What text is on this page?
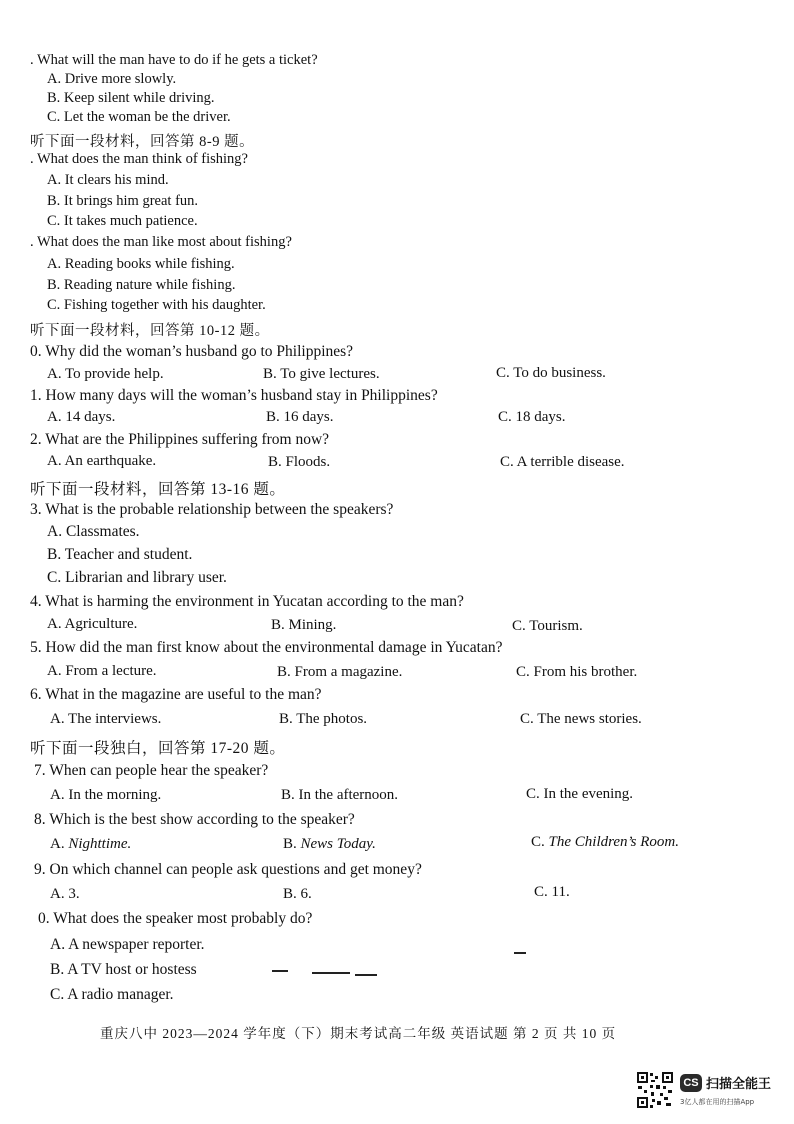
. What will the man have to do if he gets a ticket?
A. Drive more slowly.
B. Keep silent while driving.
C. Let the woman be the driver.
听下面一段材料，回答第 8-9 题。
. What does the man think of fishing?
A. It clears his mind.
B. It brings him great fun.
C. It takes much patience.
. What does the man like most about fishing?
A. Reading books while fishing.
B. Reading nature while fishing.
C. Fishing together with his daughter.
听下面一段材料，回答第 10-12 题。
0. Why did the woman’s husband go to Philippines?
A. To provide help.	B. To give lectures.	C. To do business.
1. How many days will the woman’s husband stay in Philippines?
A. 14 days.	B. 16 days.	C. 18 days.
2. What are the Philippines suffering from now?
A. An earthquake.	B. Floods.	C. A terrible disease.
听下面一段材料，回答第 13-16 题。
3. What is the probable relationship between the speakers?
A. Classmates.
B. Teacher and student.
C. Librarian and library user.
4. What is harming the environment in Yucatan according to the man?
A. Agriculture.	B. Mining.	C. Tourism.
5. How did the man first know about the environmental damage in Yucatan?
A. From a lecture.	B. From a magazine.	C. From his brother.
6. What in the magazine are useful to the man?
A. The interviews.	B. The photos.	C. The news stories.
听下面一段独白，回答第 17-20 题。
7. When can people hear the speaker?
A. In the morning.	B. In the afternoon.	C. In the evening.
8. Which is the best show according to the speaker?
A. Nighttime.	B. News Today.	C. The Children’s Room.
9. On which channel can people ask questions and get money?
A. 3.	B. 6.	C. 11.
0. What does the speaker most probably do?
A. A newspaper reporter.
B. A TV host or hostess
C. A radio manager.
重庆八中 2023—2024 学年度（下）期末考试高二年级 英语试题 第 2 页 共 10 页
CS 扫描全能王
3亿人都在用的扫描App
